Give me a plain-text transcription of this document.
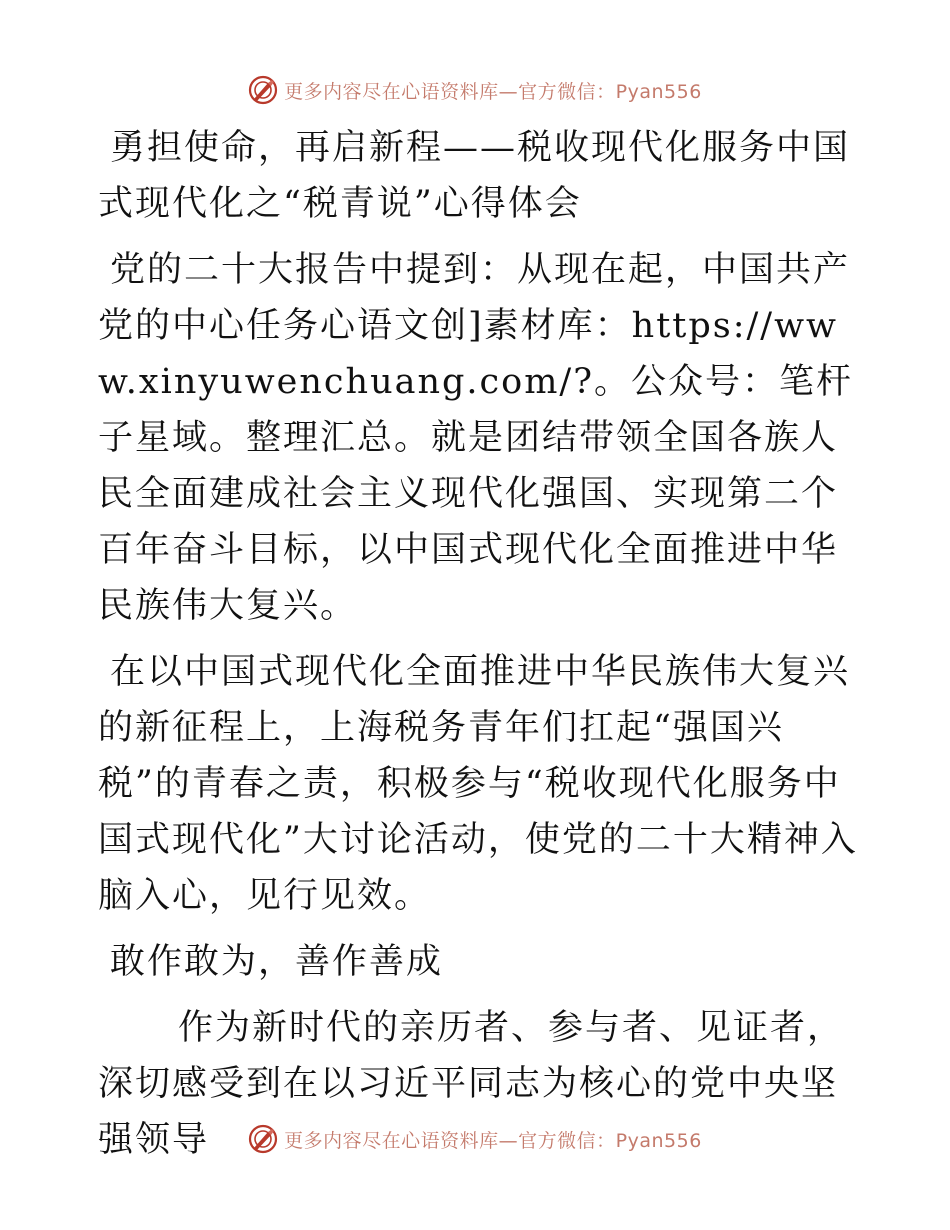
更多内容尽在心语资料库—官方微信：Pyan556

勇担使命，再启新程——税收现代化服务中国式现代化之“税青说”心得体会

党的二十大报告中提到：从现在起，中国共产党的中心任务心语文创]素材库：https://www.xinyuwenchuang.com/?。公众号：笔杆子星域。整理汇总。就是团结带领全国各族人民全面建成社会主义现代化强国、实现第二个百年奋斗目标，以中国式现代化全面推进中华民族伟大复兴。

在以中国式现代化全面推进中华民族伟大复兴的新征程上，上海税务青年们扛起“强国兴税”的青春之责，积极参与“税收现代化服务中国式现代化”大讨论活动，使党的二十大精神入脑入心，见行见效。

敢作敢为，善作善成

作为新时代的亲历者、参与者、见证者，深切感受到在以习近平同志为核心的党中央坚强领导	更多内容尽在心语资料库—官方微信：Pyan556
